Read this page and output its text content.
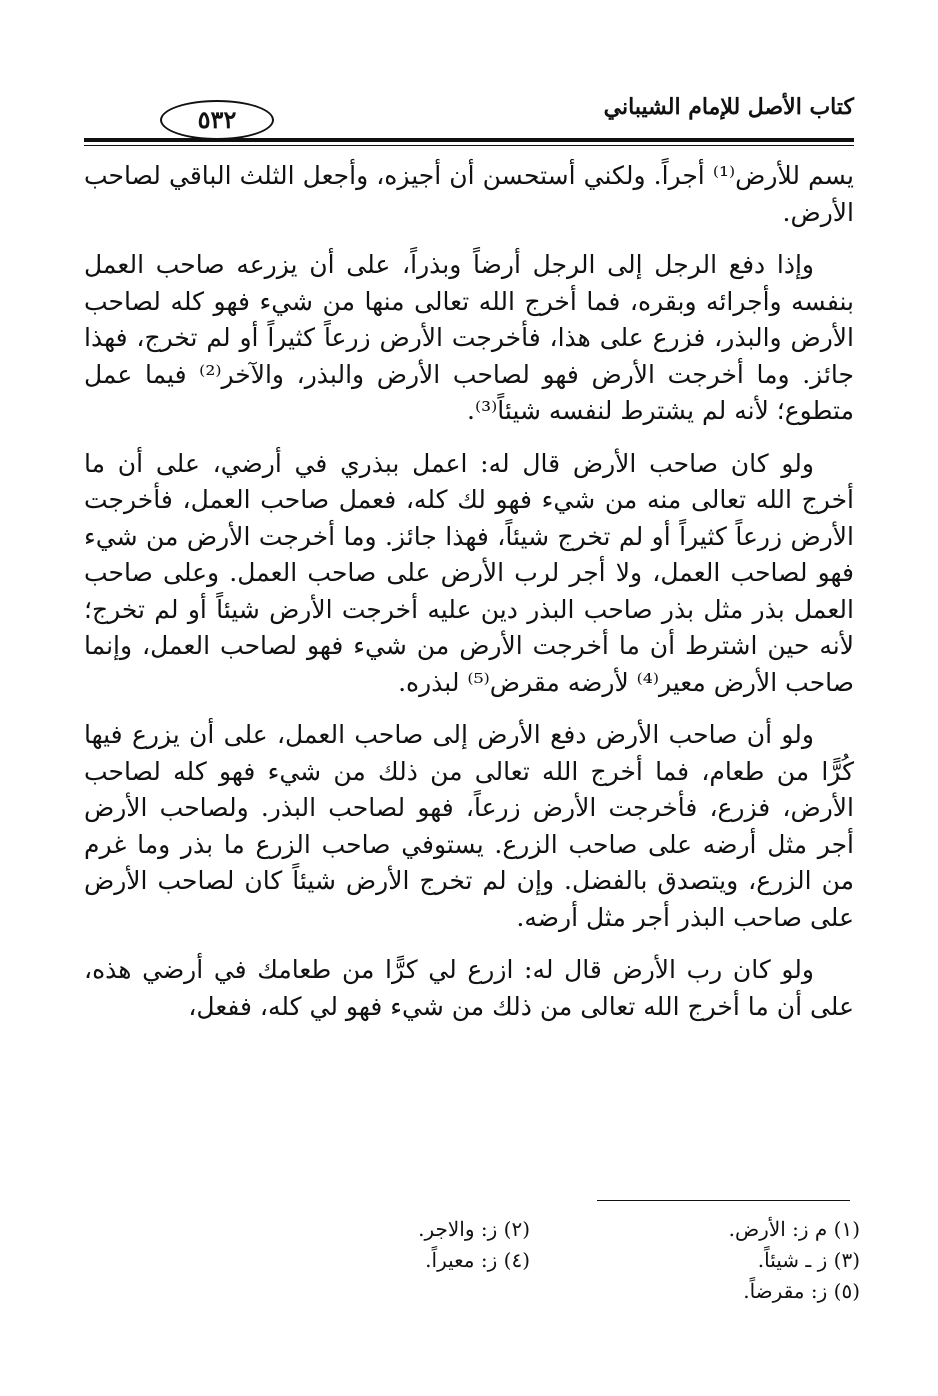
كتاب الأصل للإمام الشيباني
٥٣٢

يسم للأرض⁽¹⁾ أجراً. ولكني أستحسن أن أجيزه، وأجعل الثلث الباقي لصاحب الأرض.

وإذا دفع الرجل إلى الرجل أرضاً وبذراً، على أن يزرعه صاحب العمل بنفسه وأجرائه وبقره، فما أخرج الله تعالى منها من شيء فهو كله لصاحب الأرض والبذر، فزرع على هذا، فأخرجت الأرض زرعاً كثيراً أو لم تخرج، فهذا جائز. وما أخرجت الأرض فهو لصاحب الأرض والبذر، والآخر⁽²⁾ فيما عمل متطوع؛ لأنه لم يشترط لنفسه شيئاً⁽³⁾.

ولو كان صاحب الأرض قال له: اعمل ببذري في أرضي، على أن ما أخرج الله تعالى منه من شيء فهو لك كله، فعمل صاحب العمل، فأخرجت الأرض زرعاً كثيراً أو لم تخرج شيئاً، فهذا جائز. وما أخرجت الأرض من شيء فهو لصاحب العمل، ولا أجر لرب الأرض على صاحب العمل. وعلى صاحب العمل بذر مثل بذر صاحب البذر دين عليه أخرجت الأرض شيئاً أو لم تخرج؛ لأنه حين اشترط أن ما أخرجت الأرض من شيء فهو لصاحب العمل، وإنما صاحب الأرض معير⁽⁴⁾ لأرضه مقرض⁽⁵⁾ لبذره.

ولو أن صاحب الأرض دفع الأرض إلى صاحب العمل، على أن يزرع فيها كُرًّا من طعام، فما أخرج الله تعالى من ذلك من شيء فهو كله لصاحب الأرض، فزرع، فأخرجت الأرض زرعاً، فهو لصاحب البذر. ولصاحب الأرض أجر مثل أرضه على صاحب الزرع. يستوفي صاحب الزرع ما بذر وما غرم من الزرع، ويتصدق بالفضل. وإن لم تخرج الأرض شيئاً كان لصاحب الأرض على صاحب البذر أجر مثل أرضه.

ولو كان رب الأرض قال له: ازرع لي كرًّا من طعامك في أرضي هذه، على أن ما أخرج الله تعالى من ذلك من شيء فهو لي كله، ففعل،

(١) م ز: الأرض.
(٢) ز: والاجر.
(٣) ز ـ شيئاً.
(٤) ز: معيراً.
(٥) ز: مقرضاً.
